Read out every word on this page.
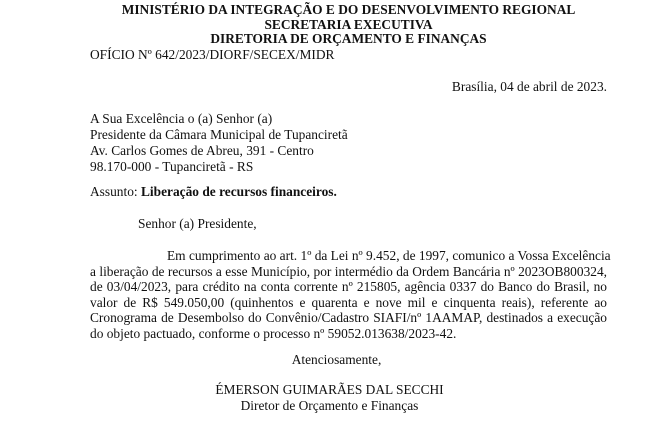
MINISTÉRIO DA INTEGRAÇÃO E DO DESENVOLVIMENTO REGIONAL
SECRETARIA EXECUTIVA
DIRETORIA DE ORÇAMENTO E FINANÇAS
OFÍCIO Nº 642/2023/DIORF/SECEX/MIDR
Brasília, 04 de abril de 2023.
A Sua Excelência o (a) Senhor (a)
Presidente da Câmara Municipal de Tupanciretã
Av. Carlos Gomes de Abreu, 391 - Centro
98.170-000 - Tupanciretã - RS
Assunto: Liberação de recursos financeiros.
Senhor (a) Presidente,
Em cumprimento ao art. 1º da Lei nº 9.452, de 1997, comunico a Vossa Excelência
a liberação de recursos a esse Município, por intermédio da Ordem Bancária nº 2023OB800324,
de 03/04/2023, para crédito na conta corrente nº 215805, agência 0337 do Banco do Brasil, no
valor de R$ 549.050,00 (quinhentos e quarenta e nove mil e cinquenta reais), referente ao
Cronograma de Desembolso do Convênio/Cadastro SIAFI/nº 1AAMAP, destinados a execução
do objeto pactuado, conforme o processo nº 59052.013638/2023-42.
Atenciosamente,
ÉMERSON GUIMARÃES DAL SECCHI
Diretor de Orçamento e Finanças
